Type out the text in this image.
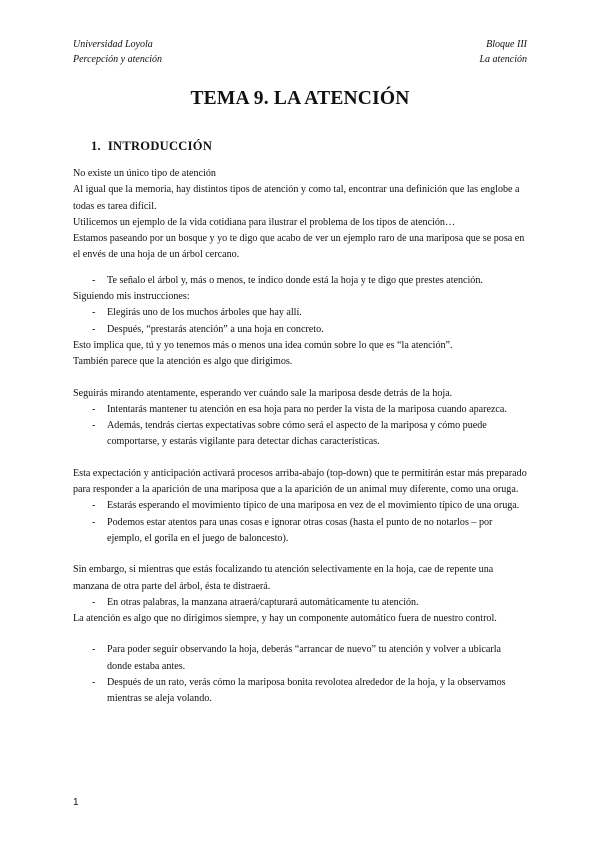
Universidad Loyola
Percepción y atención
Bloque III
La atención
TEMA 9. LA ATENCIÓN
1. INTRODUCCIÓN

No existe un único tipo de atención

Al igual que la memoria, hay distintos tipos de atención y como tal, encontrar una definición que las englobe a todas es tarea difícil.

Utilicemos un ejemplo de la vida cotidiana para ilustrar el problema de los tipos de atención…

Estamos paseando por un bosque y yo te digo que acabo de ver un ejemplo raro de una mariposa que se posa en el envés de una hoja de un árbol cercano.

- Te señalo el árbol y, más o menos, te indico donde está la hoja y te digo que prestes atención.

Siguiendo mis instrucciones:

- Elegirás uno de los muchos árboles que hay allí.
- Después, “prestarás atención” a una hoja en concreto.

Esto implica que, tú y yo tenemos más o menos una idea común sobre lo que es “la atención”.

También parece que la atención es algo que dirigimos.

Seguirás mirando atentamente, esperando ver cuándo sale la mariposa desde detrás de la hoja.

- Intentarás mantener tu atención en esa hoja para no perder la vista de la mariposa cuando aparezca.
- Además, tendrás ciertas expectativas sobre cómo será el aspecto de la mariposa y cómo puede comportarse, y estarás vigilante para detectar dichas características.

Esta expectación y anticipación activará procesos arriba-abajo (top-down) que te permitirán estar más preparado para responder a la aparición de una mariposa que a la aparición de un animal muy diferente, como una oruga.

- Estarás esperando el movimiento típico de una mariposa en vez de el movimiento típico de una oruga.
- Podemos estar atentos para unas cosas e ignorar otras cosas (hasta el punto de no notarlos – por ejemplo, el gorila en el juego de baloncesto).

Sin embargo, si mientras que estás focalizando tu atención selectivamente en la hoja, cae de repente una manzana de otra parte del árbol, ésta te distraerá.

- En otras palabras, la manzana atraerá/capturará automáticamente tu atención.

La atención es algo que no dirigimos siempre, y hay un componente automático fuera de nuestro control.

- Para poder seguir observando la hoja, deberás “arrancar de nuevo” tu atención y volver a ubicarla donde estaba antes.
- Después de un rato, verás cómo la mariposa bonita revolotea alrededor de la hoja, y la observamos mientras se aleja volando.
1
